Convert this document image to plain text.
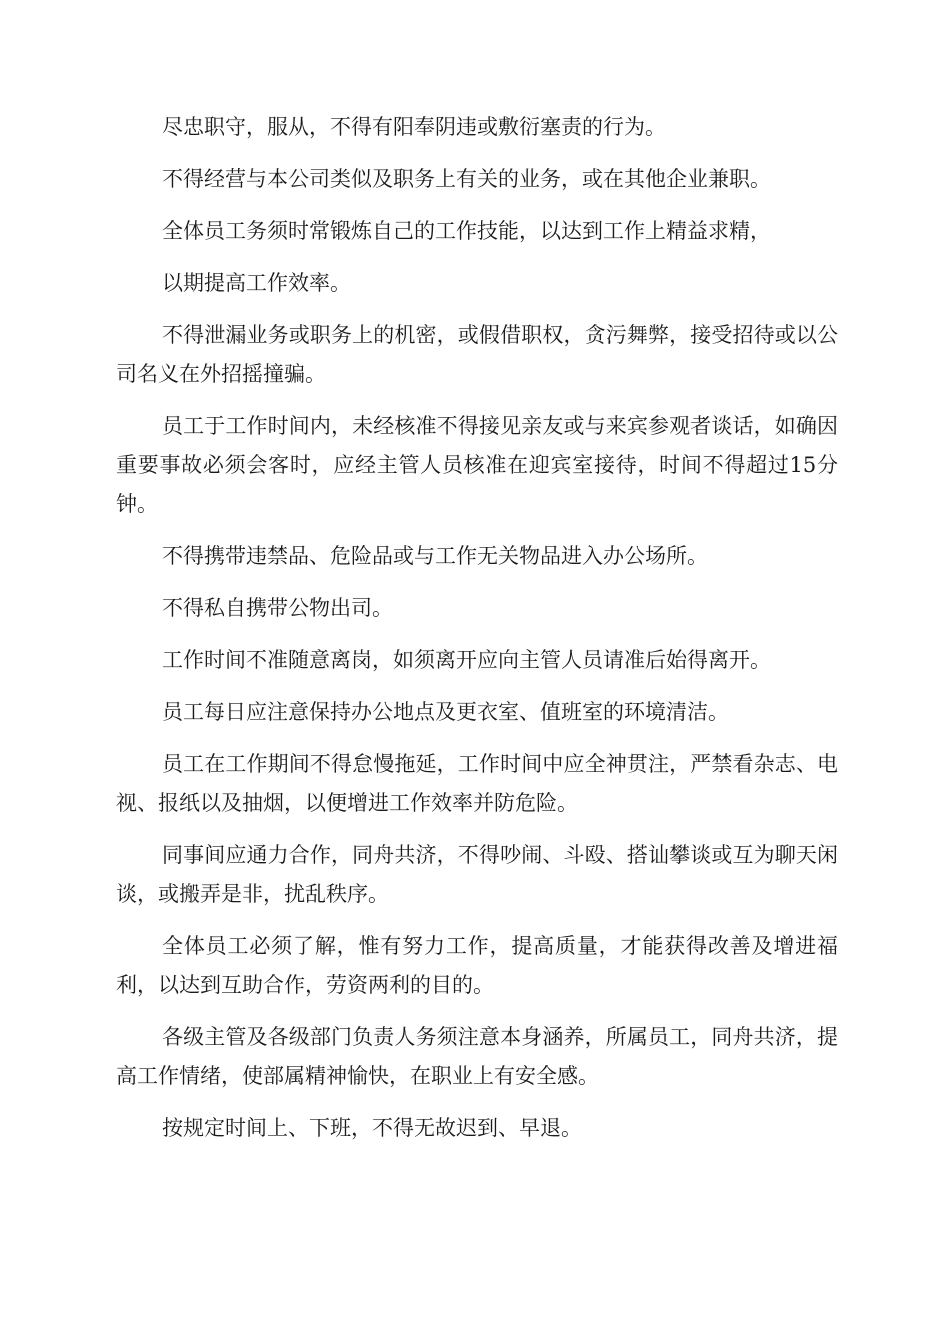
尽忠职守，服从，不得有阳奉阴违或敷衍塞责的行为。

不得经营与本公司类似及职务上有关的业务，或在其他企业兼职。

全体员工务须时常锻炼自己的工作技能，以达到工作上精益求精，

以期提高工作效率。

不得泄漏业务或职务上的机密，或假借职权，贪污舞弊，接受招待或以公司名义在外招摇撞骗。

员工于工作时间内，未经核准不得接见亲友或与来宾参观者谈话，如确因重要事故必须会客时，应经主管人员核准在迎宾室接待，时间不得超过15分钟。

不得携带违禁品、危险品或与工作无关物品进入办公场所。

不得私自携带公物出司。

工作时间不准随意离岗，如须离开应向主管人员请准后始得离开。

员工每日应注意保持办公地点及更衣室、值班室的环境清洁。

员工在工作期间不得怠慢拖延，工作时间中应全神贯注，严禁看杂志、电视、报纸以及抽烟，以便增进工作效率并防危险。

同事间应通力合作，同舟共济，不得吵闹、斗殴、搭讪攀谈或互为聊天闲谈，或搬弄是非，扰乱秩序。

全体员工必须了解，惟有努力工作，提高质量，才能获得改善及增进福利，以达到互助合作，劳资两利的目的。

各级主管及各级部门负责人务须注意本身涵养，所属员工，同舟共济，提高工作情绪，使部属精神愉快，在职业上有安全感。

按规定时间上、下班，不得无故迟到、早退。
